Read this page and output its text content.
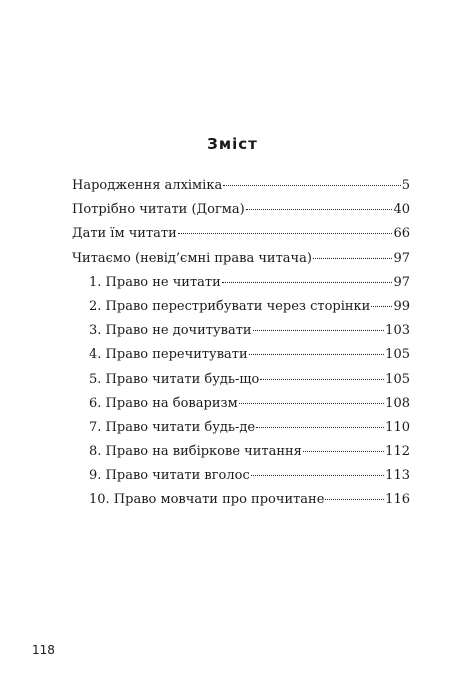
Зміст
Народження алхіміка	5
Потрібно читати (Догма)	40
Дати їм читати	66
Читаємо (невід’ємні права читача)	97
1. Право не читати	97
2. Право перестрибувати через сторінки 99
3. Право не дочитувати	103
4. Право перечитувати	105
5. Право читати будь-що	105
6. Право на боваризм	108
7. Право читати будь-де	110
8. Право на вибіркове читання	112
9. Право читати вголос	113
10. Право мовчати про прочитане	116
118
